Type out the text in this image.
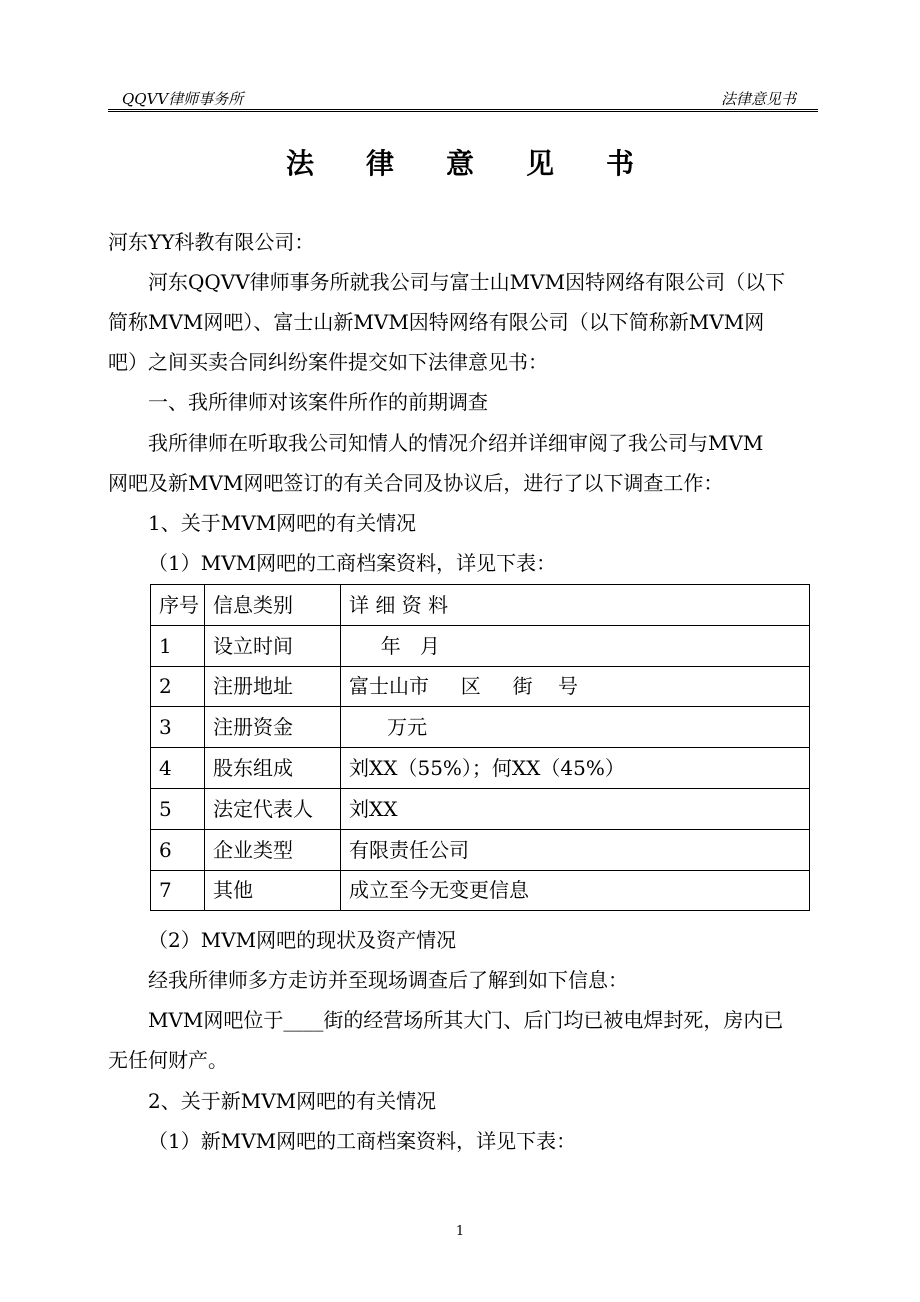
QQVV律师事务所	法律意见书
法律意见书

河东YY科教有限公司：

河东QQVV律师事务所就我公司与富士山MVM因特网络有限公司（以下

简称MVM网吧）、富士山新MVM因特网络有限公司（以下简称新MVM网

吧）之间买卖合同纠纷案件提交如下法律意见书：

一、我所律师对该案件所作的前期调查

我所律师在听取我公司知情人的情况介绍并详细审阅了我公司与MVM

网吧及新MVM网吧签订的有关合同及协议后，进行了以下调查工作：

1、关于MVM网吧的有关情况

（1）MVM网吧的工商档案资料，详见下表：

序号	信息类别	详 细 资 料
1	设立时间	年   月
2	注册地址	富士山市     区     街    号
3	注册资金	万元
4	股东组成	刘XX（55%）；何XX（45%）
5	法定代表人	刘XX
6	企业类型	有限责任公司
7	其他	成立至今无变更信息

（2）MVM网吧的现状及资产情况

经我所律师多方走访并至现场调查后了解到如下信息：

MVM网吧位于____街的经营场所其大门、后门均已被电焊封死，房内已

无任何财产。

2、关于新MVM网吧的有关情况

（1）新MVM网吧的工商档案资料，详见下表：

1
